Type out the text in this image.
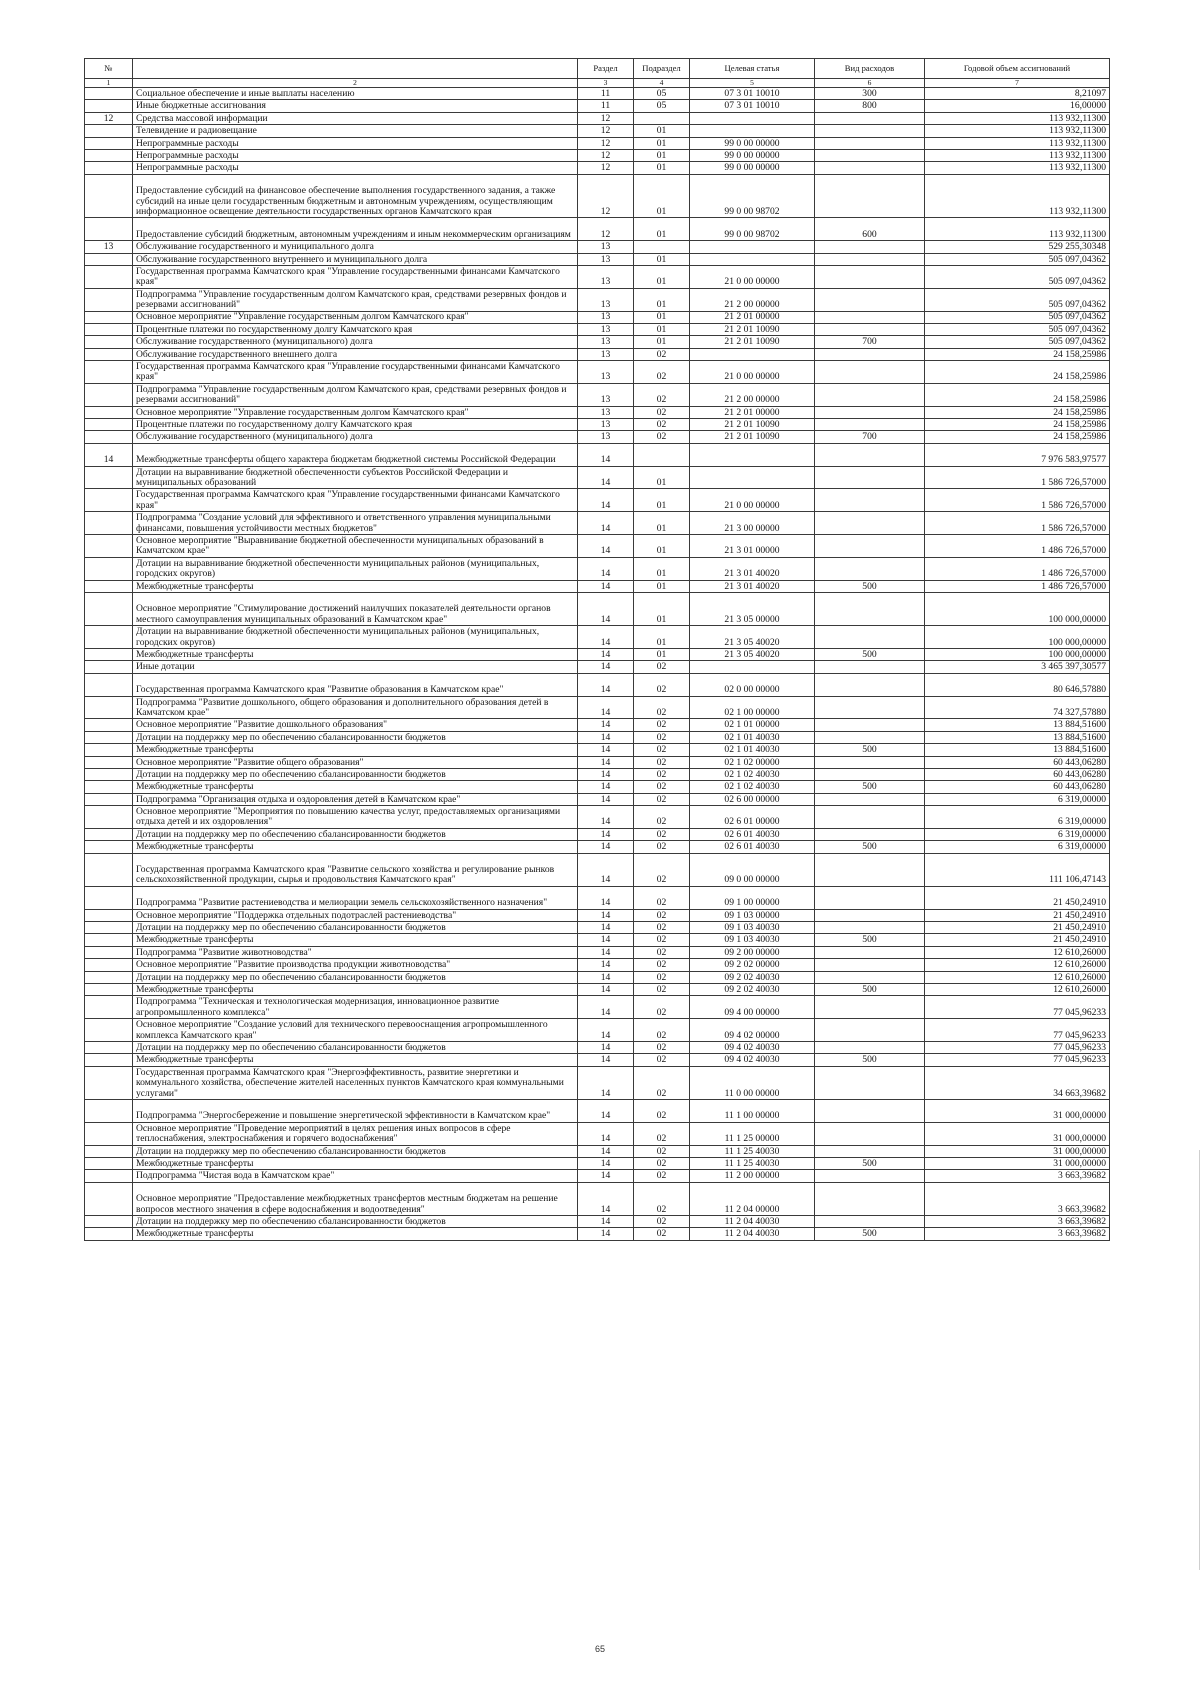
№		Раздел	Подраздел	Целевая статья	Вид расходов	Годовой объем ассигнований
1	2	3	4	5	6	7
	Социальное обеспечение и иные выплаты населению	11	05	07 3 01 10010	300	8,21097
	Иные бюджетные ассигнования	11	05	07 3 01 10010	800	16,00000
12	Средства массовой информации	12				113 932,11300
	Телевидение и радиовещание	12	01			113 932,11300
	Непрограммные расходы	12	01	99 0 00 00000		113 932,11300
	Непрограммные расходы	12	01	99 0 00 00000		113 932,11300
	Непрограммные расходы	12	01	99 0 00 00000		113 932,11300
	Предоставление субсидий на финансовое обеспечение выполнения государственного задания, а также субсидий на иные цели государственным бюджетным и автономным учреждениям, осуществляющим информационное освещение деятельности государственных органов Камчатского края	12	01	99 0 00 98702		113 932,11300
	Предоставление субсидий бюджетным, автономным учреждениям и иным некоммерческим организациям	12	01	99 0 00 98702	600	113 932,11300
13	Обслуживание государственного и муниципального долга	13				529 255,30348
	Обслуживание государственного внутреннего и муниципального долга	13	01			505 097,04362
	Государственная программа Камчатского края "Управление государственными финансами Камчатского края"	13	01	21 0 00 00000		505 097,04362
	Подпрограмма "Управление государственным долгом Камчатского края, средствами резервных фондов и резервами ассигнований"	13	01	21 2 00 00000		505 097,04362
	Основное мероприятие "Управление государственным долгом Камчатского края"	13	01	21 2 01 00000		505 097,04362
	Процентные платежи по государственному долгу Камчатского края	13	01	21 2 01 10090		505 097,04362
	Обслуживание государственного (муниципального) долга	13	01	21 2 01 10090	700	505 097,04362
	Обслуживание государственного внешнего долга	13	02			24 158,25986
	Государственная программа Камчатского края "Управление государственными финансами Камчатского края"	13	02	21 0 00 00000		24 158,25986
	Подпрограмма "Управление государственным долгом Камчатского края, средствами резервных фондов и резервами ассигнований"	13	02	21 2 00 00000		24 158,25986
	Основное мероприятие "Управление государственным долгом Камчатского края"	13	02	21 2 01 00000		24 158,25986
	Процентные платежи по государственному долгу Камчатского края	13	02	21 2 01 10090		24 158,25986
	Обслуживание государственного (муниципального) долга	13	02	21 2 01 10090	700	24 158,25986
14	Межбюджетные трансферты общего характера бюджетам бюджетной системы Российской Федерации	14				7 976 583,97577
	Дотации на выравнивание бюджетной обеспеченности субъектов Российской Федерации и муниципальных образований	14	01			1 586 726,57000
	Государственная программа Камчатского края "Управление государственными финансами Камчатского края"	14	01	21 0 00 00000		1 586 726,57000
	Подпрограмма "Создание условий для эффективного и ответственного управления муниципальными финансами, повышения устойчивости местных бюджетов"	14	01	21 3 00 00000		1 586 726,57000
	Основное мероприятие "Выравнивание бюджетной обеспеченности муниципальных образований в Камчатском крае"	14	01	21 3 01 00000		1 486 726,57000
	Дотации на выравнивание бюджетной обеспеченности муниципальных районов (муниципальных, городских округов)	14	01	21 3 01 40020		1 486 726,57000
	Межбюджетные трансферты	14	01	21 3 01 40020	500	1 486 726,57000
	Основное мероприятие "Стимулирование достижений наилучших показателей деятельности органов местного самоуправления муниципальных образований в Камчатском крае"	14	01	21 3 05 00000		100 000,00000
	Дотации на выравнивание бюджетной обеспеченности муниципальных районов (муниципальных, городских округов)	14	01	21 3 05 40020		100 000,00000
	Межбюджетные трансферты	14	01	21 3 05 40020	500	100 000,00000
	Иные дотации	14	02			3 465 397,30577
	Государственная программа Камчатского края "Развитие образования в Камчатском крае"	14	02	02 0 00 00000		80 646,57880
	Подпрограмма "Развитие дошкольного, общего образования и дополнительного образования детей в Камчатском крае"	14	02	02 1 00 00000		74 327,57880
	Основное мероприятие "Развитие дошкольного образования"	14	02	02 1 01 00000		13 884,51600
	Дотации на поддержку мер по обеспечению сбалансированности бюджетов	14	02	02 1 01 40030		13 884,51600
	Межбюджетные трансферты	14	02	02 1 01 40030	500	13 884,51600
	Основное мероприятие "Развитие общего образования"	14	02	02 1 02 00000		60 443,06280
	Дотации на поддержку мер по обеспечению сбалансированности бюджетов	14	02	02 1 02 40030		60 443,06280
	Межбюджетные трансферты	14	02	02 1 02 40030	500	60 443,06280
	Подпрограмма "Организация отдыха и оздоровления детей в Камчатском крае"	14	02	02 6 00 00000		6 319,00000
	Основное мероприятие "Мероприятия по повышению качества услуг, предоставляемых организациями отдыха детей и их оздоровления"	14	02	02 6 01 00000		6 319,00000
	Дотации на поддержку мер по обеспечению сбалансированности бюджетов	14	02	02 6 01 40030		6 319,00000
	Межбюджетные трансферты	14	02	02 6 01 40030	500	6 319,00000
	Государственная программа Камчатского края "Развитие сельского хозяйства и регулирование рынков сельскохозяйственной продукции, сырья и продовольствия Камчатского края"	14	02	09 0 00 00000		111 106,47143
	Подпрограмма "Развитие растениеводства и мелиорации земель сельскохозяйственного назначения"	14	02	09 1 00 00000		21 450,24910
	Основное мероприятие "Поддержка отдельных подотраслей растениеводства"	14	02	09 1 03 00000		21 450,24910
	Дотации на поддержку мер по обеспечению сбалансированности бюджетов	14	02	09 1 03 40030		21 450,24910
	Межбюджетные трансферты	14	02	09 1 03 40030	500	21 450,24910
	Подпрограмма "Развитие животноводства"	14	02	09 2 00 00000		12 610,26000
	Основное мероприятие "Развитие производства продукции животноводства"	14	02	09 2 02 00000		12 610,26000
	Дотации на поддержку мер по обеспечению сбалансированности бюджетов	14	02	09 2 02 40030		12 610,26000
	Межбюджетные трансферты	14	02	09 2 02 40030	500	12 610,26000
	Подпрограмма "Техническая и технологическая модернизация, инновационное развитие агропромышленного комплекса"	14	02	09 4 00 00000		77 045,96233
	Основное мероприятие "Создание условий для технического перевооснащения агропромышленного комплекса Камчатского края"	14	02	09 4 02 00000		77 045,96233
	Дотации на поддержку мер по обеспечению сбалансированности бюджетов	14	02	09 4 02 40030		77 045,96233
	Межбюджетные трансферты	14	02	09 4 02 40030	500	77 045,96233
	Государственная программа Камчатского края "Энергоэффективность, развитие энергетики и коммунального хозяйства, обеспечение жителей населенных пунктов Камчатского края коммунальными услугами"	14	02	11 0 00 00000		34 663,39682
	Подпрограмма "Энергосбережение и повышение энергетической эффективности в Камчатском крае"	14	02	11 1 00 00000		31 000,00000
	Основное мероприятие "Проведение мероприятий в целях решения иных вопросов в сфере теплоснабжения, электроснабжения и горячего водоснабжения"	14	02	11 1 25 00000		31 000,00000
	Дотации на поддержку мер по обеспечению сбалансированности бюджетов	14	02	11 1 25 40030		31 000,00000
	Межбюджетные трансферты	14	02	11 1 25 40030	500	31 000,00000
	Подпрограмма "Чистая вода в Камчатском крае"	14	02	11 2 00 00000		3 663,39682
	Основное мероприятие "Предоставление межбюджетных трансфертов местным бюджетам на решение вопросов местного значения в сфере водоснабжения и водоотведения"	14	02	11 2 04 00000		3 663,39682
	Дотации на поддержку мер по обеспечению сбалансированности бюджетов	14	02	11 2 04 40030		3 663,39682
	Межбюджетные трансферты	14	02	11 2 04 40030	500	3 663,39682
65
